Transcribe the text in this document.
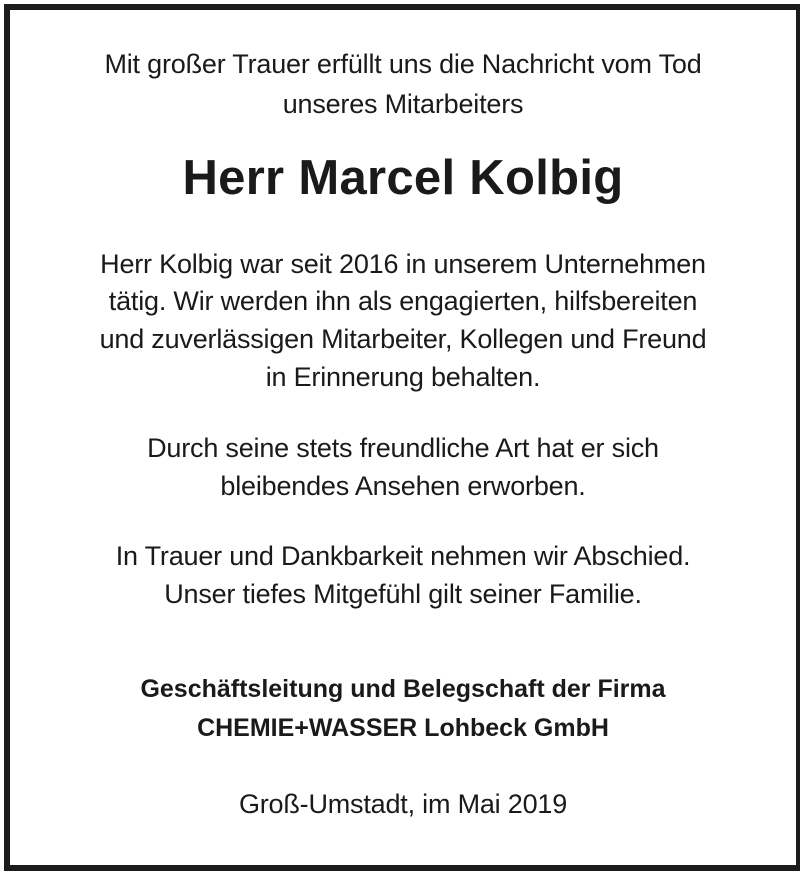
Mit großer Trauer erfüllt uns die Nachricht vom Tod
unseres Mitarbeiters
Herr Marcel Kolbig
Herr Kolbig war seit 2016 in unserem Unternehmen
tätig. Wir werden ihn als engagierten, hilfsbereiten
und zuverlässigen Mitarbeiter, Kollegen und Freund
in Erinnerung behalten.
Durch seine stets freundliche Art hat er sich
bleibendes Ansehen erworben.
In Trauer und Dankbarkeit nehmen wir Abschied.
Unser tiefes Mitgefühl gilt seiner Familie.
Geschäftsleitung und Belegschaft der Firma
CHEMIE+WASSER Lohbeck GmbH
Groß-Umstadt, im Mai 2019
